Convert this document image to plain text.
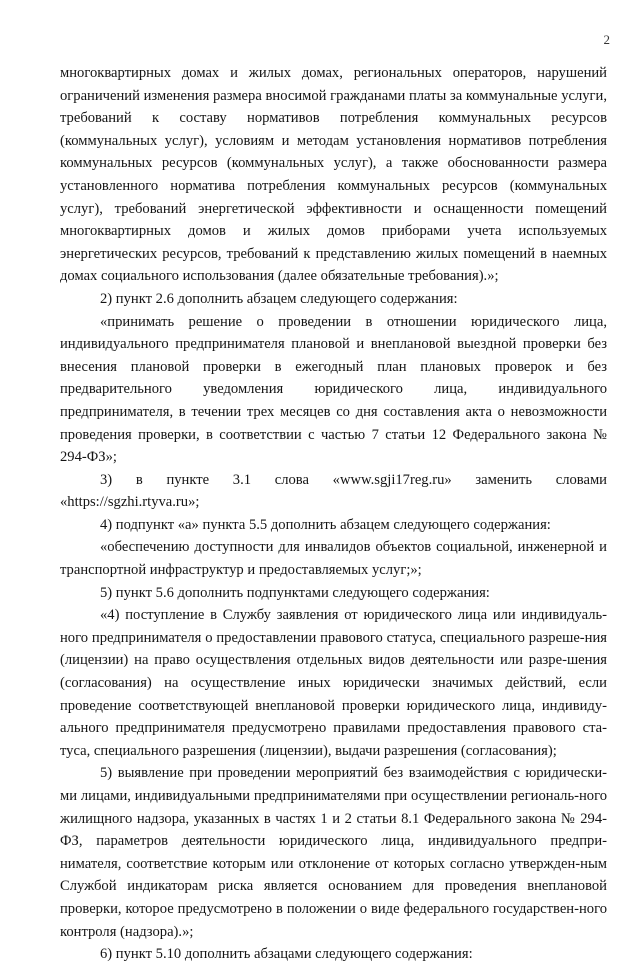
2

многоквартирных домах и жилых домах, региональных операторов, нарушений ограничений изменения размера вносимой гражданами платы за коммунальные услуги, требований к составу нормативов потребления коммунальных ресурсов (коммунальных услуг), условиям и методам установления нормативов потребления коммунальных ресурсов (коммунальных услуг), а также обоснованности размера установленного норматива потребления коммунальных ресурсов (коммунальных услуг), требований энергетической эффективности и оснащенности помещений многоквартирных домов и жилых домов приборами учета используемых энергетических ресурсов, требований к представлению жилых помещений в наемных домах социального использования (далее обязательные требования).»;

2) пункт 2.6 дополнить абзацем следующего содержания:

«принимать решение о проведении в отношении юридического лица, индивидуального предпринимателя плановой и внеплановой выездной проверки без внесения плановой проверки в ежегодный план плановых проверок и без предварительного уведомления юридического лица, индивидуального предпринимателя, в течении трех месяцев со дня составления акта о невозможности проведения проверки, в соответствии с частью 7 статьи 12 Федерального закона № 294-ФЗ»;

3) в пункте 3.1 слова «www.sgji17reg.ru» заменить словами «https://sgzhi.rtyva.ru»;

4) подпункт «а» пункта 5.5 дополнить абзацем следующего содержания:

«обеспечению доступности для инвалидов объектов социальной, инженерной и транспортной инфраструктур и предоставляемых услуг;»;

5) пункт 5.6 дополнить подпунктами следующего содержания:

«4) поступление в Службу заявления от юридического лица или индивидуаль-ного предпринимателя о предоставлении правового статуса, специального разреше-ния (лицензии) на право осуществления отдельных видов деятельности или разре-шения (согласования) на осуществление иных юридически значимых действий, если проведение соответствующей внеплановой проверки юридического лица, индивиду-ального предпринимателя предусмотрено правилами предоставления правового ста-туса, специального разрешения (лицензии), выдачи разрешения (согласования);

5) выявление при проведении мероприятий без взаимодействия с юридически-ми лицами, индивидуальными предпринимателями при осуществлении региональ-ного жилищного надзора, указанных в частях 1 и 2 статьи 8.1 Федерального закона № 294-ФЗ, параметров деятельности юридического лица, индивидуального предпри-нимателя, соответствие которым или отклонение от которых согласно утвержден-ным Службой индикаторам риска является основанием для проведения внеплановой проверки, которое предусмотрено в положении о виде федерального государствен-ного контроля (надзора).»;

6) пункт 5.10 дополнить абзацами следующего содержания:
